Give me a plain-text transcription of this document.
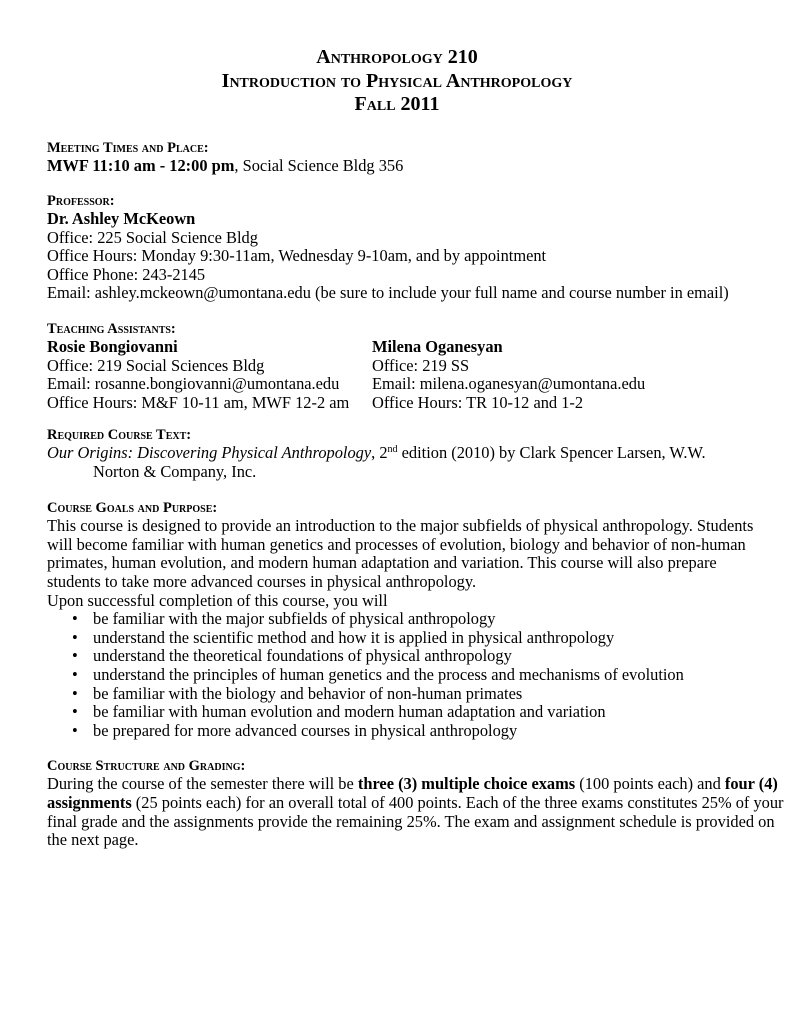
Anthropology 210
Introduction to Physical Anthropology
Fall 2011
Meeting Times and Place:
MWF 11:10 am - 12:00 pm, Social Science Bldg 356
Professor:
Dr. Ashley McKeown
Office: 225 Social Science Bldg
Office Hours: Monday 9:30-11am, Wednesday 9-10am, and by appointment
Office Phone: 243-2145
Email: ashley.mckeown@umontana.edu (be sure to include your full name and course number in email)
Teaching Assistants:
Rosie Bongiovanni
Office: 219 Social Sciences Bldg
Email: rosanne.bongiovanni@umontana.edu
Office Hours: M&F 10-11 am, MWF 12-2 am
Milena Oganesyan
Office: 219 SS
Email: milena.oganesyan@umontana.edu
Office Hours: TR 10-12 and 1-2
Required Course Text:
Our Origins: Discovering Physical Anthropology, 2nd edition (2010) by Clark Spencer Larsen, W.W. Norton & Company, Inc.
Course Goals and Purpose:
This course is designed to provide an introduction to the major subfields of physical anthropology. Students
will become familiar with human genetics and processes of evolution, biology and behavior of non-human
primates, human evolution, and modern human adaptation and variation. This course will also prepare
students to take more advanced courses in physical anthropology.
Upon successful completion of this course, you will
• be familiar with the major subfields of physical anthropology
• understand the scientific method and how it is applied in physical anthropology
• understand the theoretical foundations of physical anthropology
• understand the principles of human genetics and the process and mechanisms of evolution
• be familiar with the biology and behavior of non-human primates
• be familiar with human evolution and modern human adaptation and variation
• be prepared for more advanced courses in physical anthropology
Course Structure and Grading:
During the course of the semester there will be three (3) multiple choice exams (100 points each) and four (4)
assignments (25 points each) for an overall total of 400 points. Each of the three exams constitutes 25% of your
final grade and the assignments provide the remaining 25%. The exam and assignment schedule is provided on
the next page.
